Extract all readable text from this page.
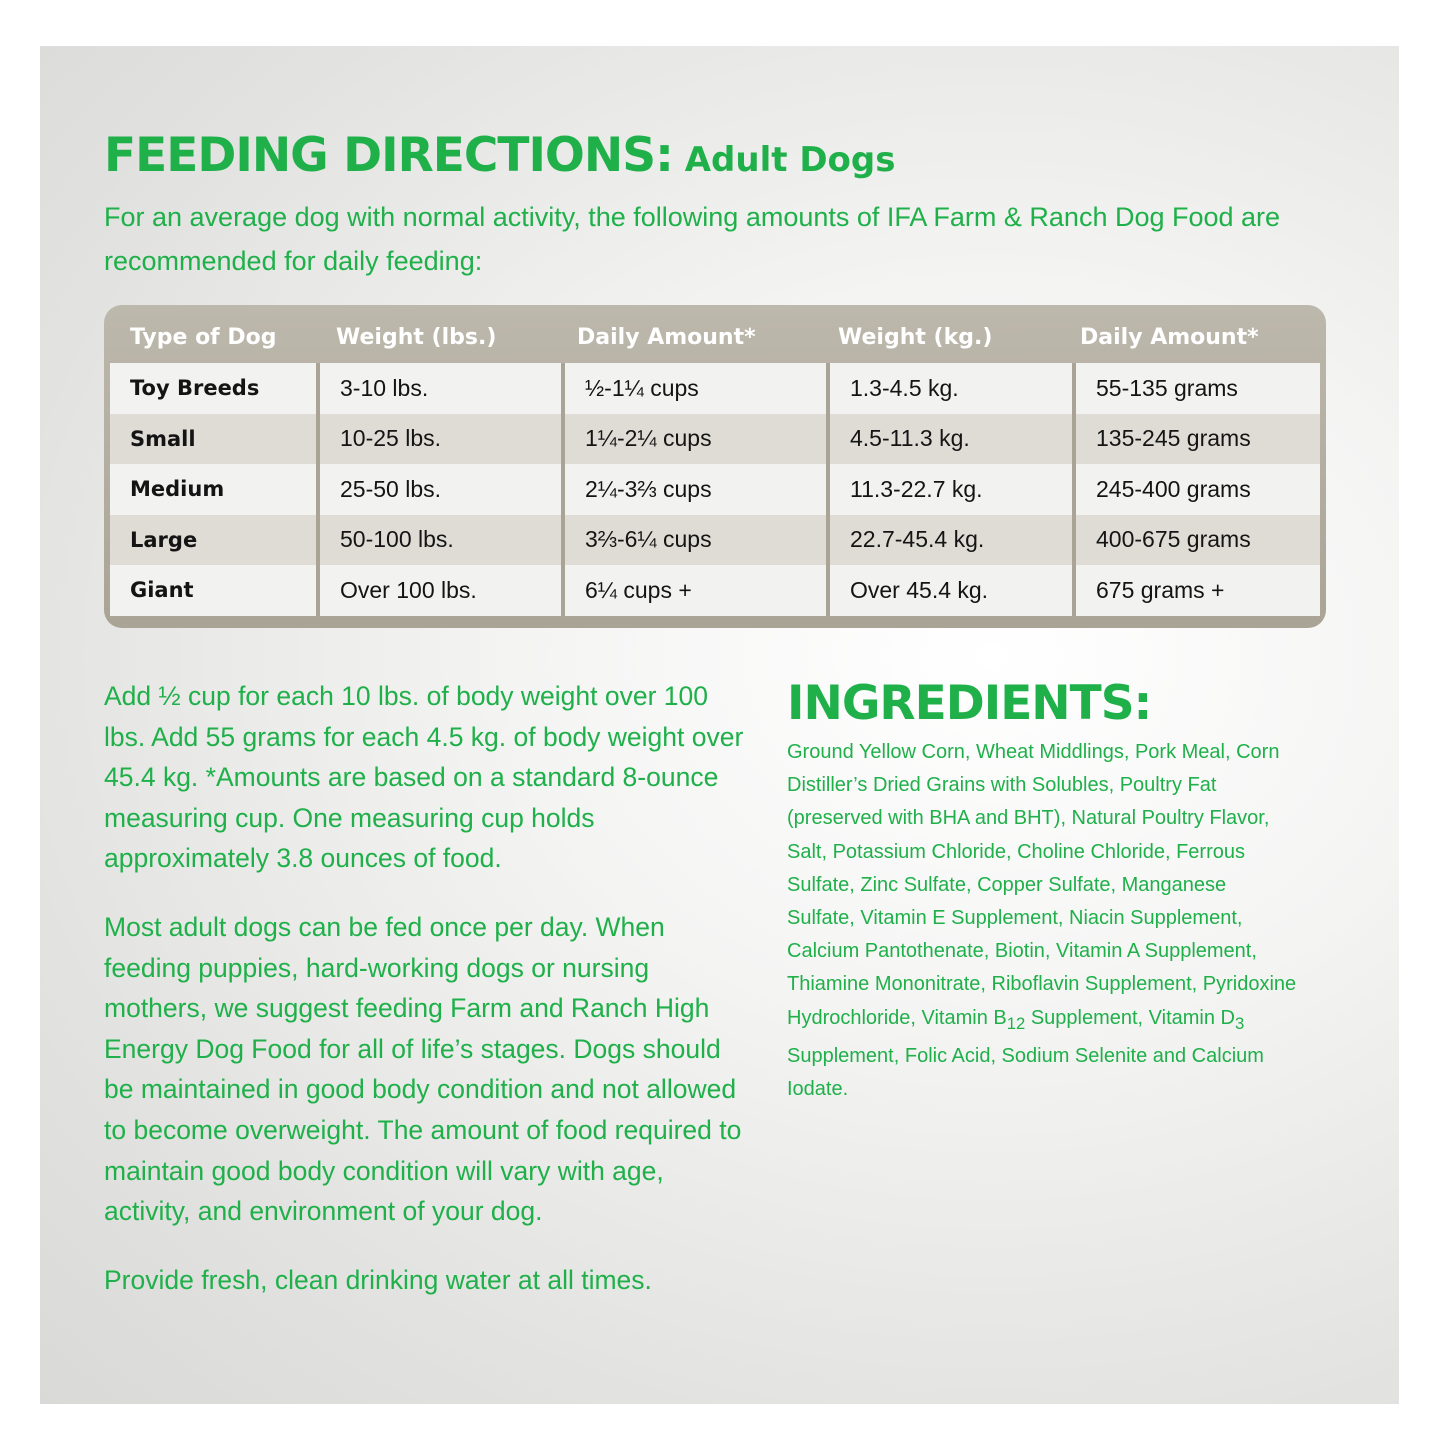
FEEDING DIRECTIONS: Adult Dogs

For an average dog with normal activity, the following amounts of IFA Farm & Ranch Dog Food are recommended for daily feeding:

Type of Dog	Weight (lbs.)	Daily Amount*	Weight (kg.)	Daily Amount*
Toy Breeds	3-10 lbs.	½-1¼ cups	1.3-4.5 kg.	55-135 grams
Small	10-25 lbs.	1¼-2¼ cups	4.5-11.3 kg.	135-245 grams
Medium	25-50 lbs.	2¼-3⅔ cups	11.3-22.7 kg.	245-400 grams
Large	50-100 lbs.	3⅔-6¼ cups	22.7-45.4 kg.	400-675 grams
Giant	Over 100 lbs.	6¼ cups +	Over 45.4 kg.	675 grams +

Add ½ cup for each 10 lbs. of body weight over 100 lbs. Add 55 grams for each 4.5 kg. of body weight over 45.4 kg. *Amounts are based on a standard 8-ounce measuring cup. One measuring cup holds approximately 3.8 ounces of food.

Most adult dogs can be fed once per day. When feeding puppies, hard-working dogs or nursing mothers, we suggest feeding Farm and Ranch High Energy Dog Food for all of life’s stages. Dogs should be maintained in good body condition and not allowed to become overweight. The amount of food required to maintain good body condition will vary with age, activity, and environment of your dog.

Provide fresh, clean drinking water at all times.

INGREDIENTS:

Ground Yellow Corn, Wheat Middlings, Pork Meal, Corn Distiller’s Dried Grains with Solubles, Poultry Fat (preserved with BHA and BHT), Natural Poultry Flavor, Salt, Potassium Chloride, Choline Chloride, Ferrous Sulfate, Zinc Sulfate, Copper Sulfate, Manganese Sulfate, Vitamin E Supplement, Niacin Supplement, Calcium Pantothenate, Biotin, Vitamin A Supplement, Thiamine Mononitrate, Riboflavin Supplement, Pyridoxine Hydrochloride, Vitamin $B_{12}$ Supplement, Vitamin $D_3$ Supplement, Folic Acid, Sodium Selenite and Calcium Iodate.
